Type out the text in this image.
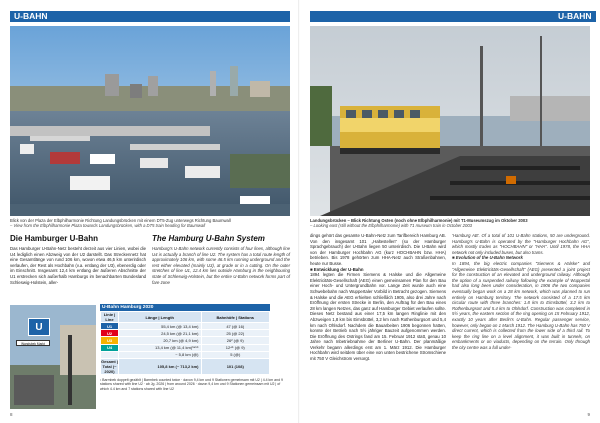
U-BAHN
Blick von der Plaza der Elbphilharmonie Richtung Landungsbrücken mit einem DT5-Zug unterwegs Richtung Baumwall
– View from the Elbphilharmonie Plaza towards Landungsbrücken, with a DT5 train heading for Baumwall
Die Hamburger U-Bahn	The Hamburg U-Bahn System
Das Hamburger U-Bahn-Netz besteht derzeit aus vier Linien, wobei die U4 lediglich einen Abzweig von der U2 darstellt. Das Streckennetz hat eine Gesamtlänge von rund 106 km, wovon etwa 46,5 km unterirdisch verlaufen, der Rest als Hochbahn (v.a. entlang der U3), ebenerdig oder im Einschnitt. Insgesamt 12,4 km entlang der äußeren Abschnitte der U1 erstrecken sich außerhalb Hamburgs im benachbarten Bundesland Schleswig-Holstein, aller-
Hamburg's U-Bahn network currently consists of four lines, although line U4 is actually a branch of line U2. The system has a total route length of approximately 106 km, with some 46.5 km running underground and the rest either elevated (mainly U3), at grade or in a cutting. On the outer stretches of line U1, 12.4 km lies outside Hamburg in the neighbouring state of Schleswig-Holstein, but the entire U-Bahn network forms part of fare zone
U
Wandsbek Markt
U-Bahn Hamburg 2020
Linie | Line	Länge | Length	Bahnhöfe | Stations
U1	55,4 km (@ 13,4 km)	47 (@ 16)
U2	24,5 km (@ 21,1 km)	25 (@ 22)
U3	20,7 km (@ 4,9 km)	26² (@ 9)
U4	13,4 km (@ 11,4 km)³⁴⁵⁶	12⁴⁵ (@ 9)
	~ 5,8 km (@)	5 (@)
Gesamt | Total (~ 2020)	105,8 km (~ 713,2 km)	101 (108)
¹ Barmbek doppelt gezählt | Barmbek counted twice · davon 9,4 km und 9 Stationen gemeinsam mit U2 | 4.4 km and 9 stations shared with line U2 · ab Jg. 2026 | from around 2026 · davon 9,4 km und 9 Stationen gemeinsam mit U2 | of which 4.4 km and 7 stations shared with line U2
8
U-BAHN
Landungsbrücken – Blick Richtung Osten (noch ohne Elbphilharmonie) mit T1-Museumszug im Oktober 2003
– Looking east (still without the Elbphilharmonie) with T1 museum train in October 2003
dings gehört das gesamte U-Bahn-Netz zum Tarifbereich Hamburg AB. Von den insgesamt 101 „Haltestellen" (so der Hamburger Sprachgebrauch) der U-Bahn liegen 50 unterirdisch. Die U-Bahn wird von der Hamburger Hochbahn AG (kurz HOCHBAHN bzw. HHA) betrieben. Bis 1978 gehörten zum HHA-Netz auch Straßenbahnen, heute nur Busse.
■ Entwicklung der U-Bahn
1894 legten die Firmen Siemens & Halske und die Allgemeine Elektricitäts-Gesellschaft (AEG) einen gemeinsamen Plan für den Bau einer Hoch- und Untergrundbahn vor. Lange Zeit wurde auch eine Schwebebahn nach Wuppertaler Vorbild in Betracht gezogen. Siemens & Halske und die AEG erhielten schließlich 1905, also drei Jahre nach Eröffnung der ersten Strecke in Berlin, den Auftrag für den Bau eines 28 km langen Netzes, das ganz auf Hamburger Gebiet verlaufen sollte. Dieses Netz bestand aus einer 17,5 km langen Ringlinie mit den Abzweigen 1,8 km bis Eimsbüttel, 3,2 km nach Rothenburgsort und 5,4 km nach Ohlsdorf. Nachdem die Bauarbeiten 1906 begonnen hatten, konnte der Betrieb nach 5½ jähriger Bauzeit aufgenommen werden. Die Eröffnung des Ostrings fand am 15. Februar 1912 statt, genau 10 Jahre nach Inbetriebnahme der Berliner U-Bahn. Der planmäßige Verkehr begann allerdings erst am 1. März 1912. Die Hamburger Hochbahn wird seitdem über eine von unten bestrichene Stromschiene mit 750 V Gleichstrom versorgt.
'Hamburg AB'. Of a total of 101 U-Bahn stations, 50 are underground. Hamburg's U-Bahn is operated by the "Hamburger Hochbahn AG", which mostly trades as "HOCHBAHN" or "HHA". Until 1978, the HHA network not only included buses, but also trams.
■ Evolution of the U-Bahn Network
In 1894, the big electric companies "Siemens & Halske" and "Allgemeine Elektricitäts-Gesellschaft" (AEG) presented a joint project for the construction of an elevated and underground railway. Although the option of a suspended railway following the example of Wuppertal had also long been under consideration, in 1906 the two companies eventually began work on a 28 km network, which was planned to run entirely on Hamburg territory. The network consisted of a 17.5 km circular route with three branches: 1.8 km to Eimsbüttel, 3.2 km to Rothenburgsort and 5.4 km to Ohlsdorf. Construction was completed in 5½ years, the eastern section of the ring opening on 15 February 1912, exactly 10 years after Berlin's U-Bahn. Regular passenger service, however, only began on 1 March 1912. The Hamburg U-Bahn has 750 V direct current, which is collected from the lower side of a third rail. To keep the ring line on a level alignment, it was built in tunnels, on embankments or on viaducts, depending on the terrain. Only through the city centre was a full under-
9
